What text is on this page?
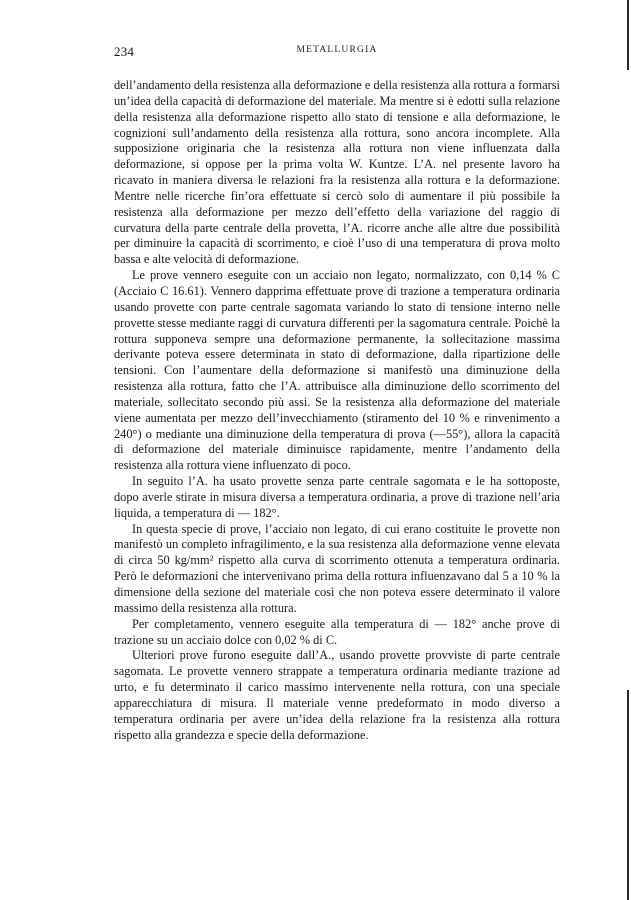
234	METALLURGIA

dell’andamento della resistenza alla deformazione e della resistenza alla rottura a formarsi un’idea della capacità di deformazione del materiale. Ma mentre si è edotti sulla relazione della resistenza alla deformazione rispetto allo stato di tensione e alla deformazione, le cognizioni sull’andamento della resistenza alla rottura, sono ancora incomplete. Alla supposizione originaria che la resistenza alla rottura non viene influenzata dalla deformazione, si oppose per la prima volta W. Kuntze. L’A. nel presente lavoro ha ricavato in maniera diversa le relazioni fra la resistenza alla rottura e la deformazione. Mentre nelle ricerche fin’ora effettuate si cercò solo di aumentare il più possibile la resistenza alla deformazione per mezzo dell’effetto della variazione del raggio di curvatura della parte centrale della provetta, l’A. ricorre anche alle altre due possibilità per diminuire la capacità di scorrimento, e cioè l’uso di una temperatura di prova molto bassa e alte velocità di deformazione.

Le prove vennero eseguite con un acciaio non legato, normalizzato, con 0,14 % C (Acciaio C 16.61). Vennero dapprima effettuate prove di trazione a temperatura ordinaria usando provette con parte centrale sagomata variando lo stato di tensione interno nelle provette stesse mediante raggi di curvatura differenti per la sagomatura centrale. Poichè la rottura supponeva sempre una deformazione permanente, la sollecitazione massima derivante poteva essere determinata in stato di deformazione, dalla ripartizione delle tensioni. Con l’aumentare della deformazione si manifestò una diminuzione della resistenza alla rottura, fatto che l’A. attribuisce alla diminuzione dello scorrimento del materiale, sollecitato secondo più assi. Se la resistenza alla deformazione del materiale viene aumentata per mezzo dell’invecchiamento (stiramento del 10 % e rinvenimento a 240°) o mediante una diminuzione della temperatura di prova (—55°), allora la capacità di deformazione del materiale diminuisce rapidamente, mentre l’andamento della resistenza alla rottura viene influenzato di poco.

In seguito l’A. ha usato provette senza parte centrale sagomata e le ha sottoposte, dopo averle stirate in misura diversa a temperatura ordinaria, a prove di trazione nell’aria liquida, a temperatura di — 182°.

In questa specie di prove, l’acciaio non legato, di cui erano costituite le provette non manifestò un completo infragilimento, e la sua resistenza alla deformazione venne elevata di circa 50 kg/mm² rispetto alla curva di scorrimento ottenuta a temperatura ordinaria. Però le deformazioni che intervenivano prima della rottura influenzavano dal 5 a 10 % la dimensione della sezione del materiale così che non poteva essere determinato il valore massimo della resistenza alla rottura.

Per completamento, vennero eseguite alla temperatura di — 182° anche prove di trazione su un acciaio dolce con 0,02 % di C.

Ulteriori prove furono eseguite dall’A., usando provette provviste di parte centrale sagomata. Le provette vennero strappate a temperatura ordinaria mediante trazione ad urto, e fu determinato il carico massimo intervenente nella rottura, con una speciale apparecchiatura di misura. Il materiale venne predeformato in modo diverso a temperatura ordinaria per avere un’idea della relazione fra la resistenza alla rottura rispetto alla grandezza e specie della deformazione.
